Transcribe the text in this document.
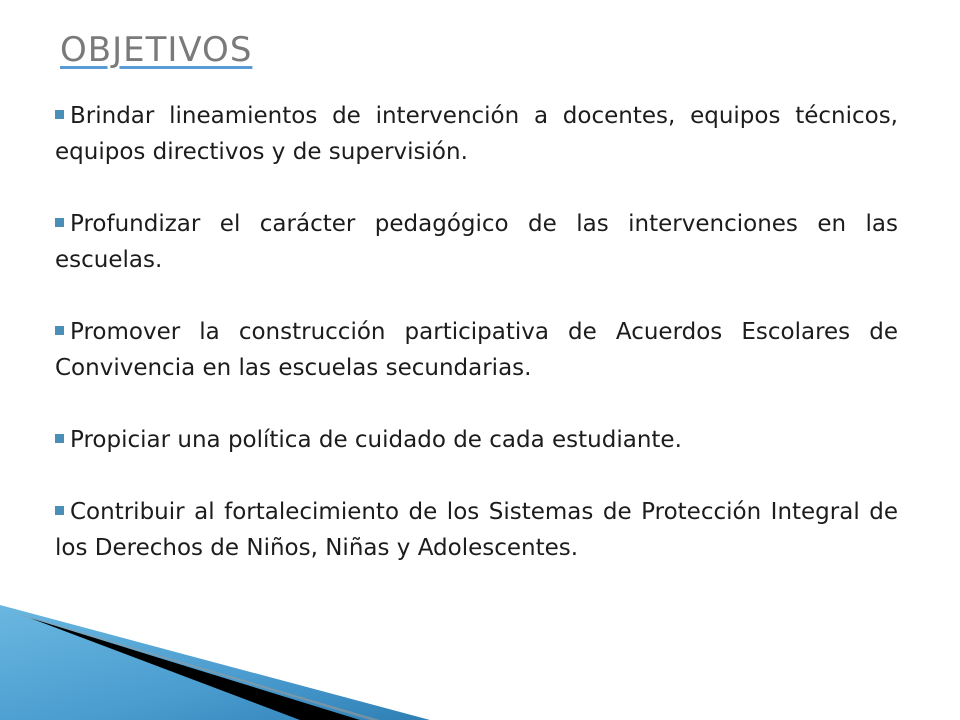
OBJETIVOS
Brindar lineamientos de intervención a docentes, equipos técnicos, equipos directivos y de supervisión.
Profundizar el carácter pedagógico de las intervenciones en las escuelas.
Promover la construcción participativa de Acuerdos Escolares de Convivencia en las escuelas secundarias.
Propiciar una política de cuidado de cada estudiante.
Contribuir al fortalecimiento de los Sistemas de Protección Integral de los Derechos de Niños, Niñas y Adolescentes.
